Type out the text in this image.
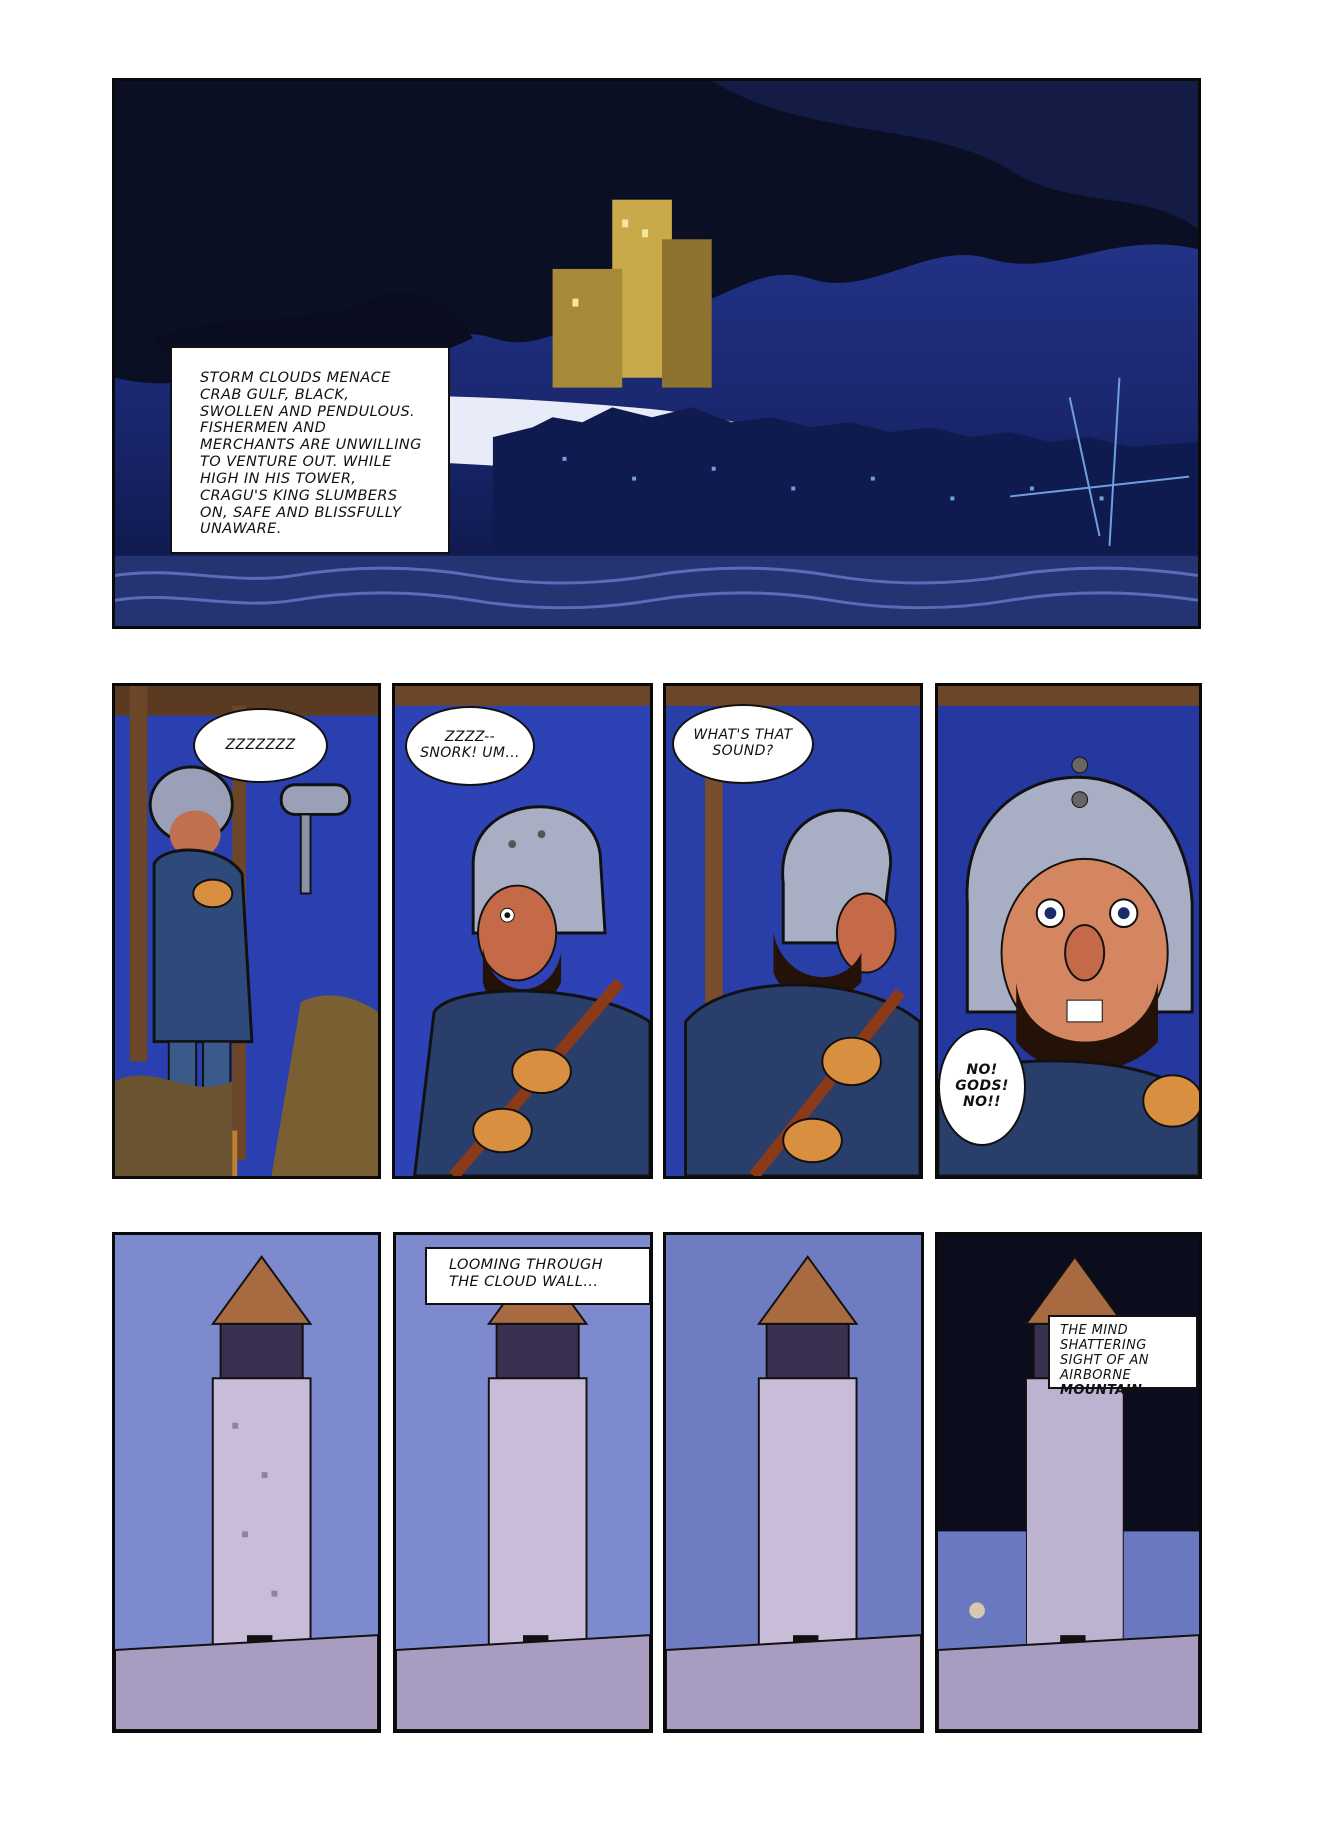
STORM CLOUDS MENACE CRAB GULF, BLACK, SWOLLEN AND PENDULOUS. FISHERMEN AND MERCHANTS ARE UNWILLING TO VENTURE OUT. WHILE HIGH IN HIS TOWER, CRAGU'S KING SLUMBERS ON, SAFE AND BLISSFULLY UNAWARE.
ZZZZZZZ	ZZZZ--
SNORK! UM...
WHAT'S THAT
SOUND?
NO!
GODS!
NO!!
LOOMING THROUGH
THE CLOUD WALL...
THE MIND SHATTERING
SIGHT OF AN AIRBORNE
MOUNTAIN.
